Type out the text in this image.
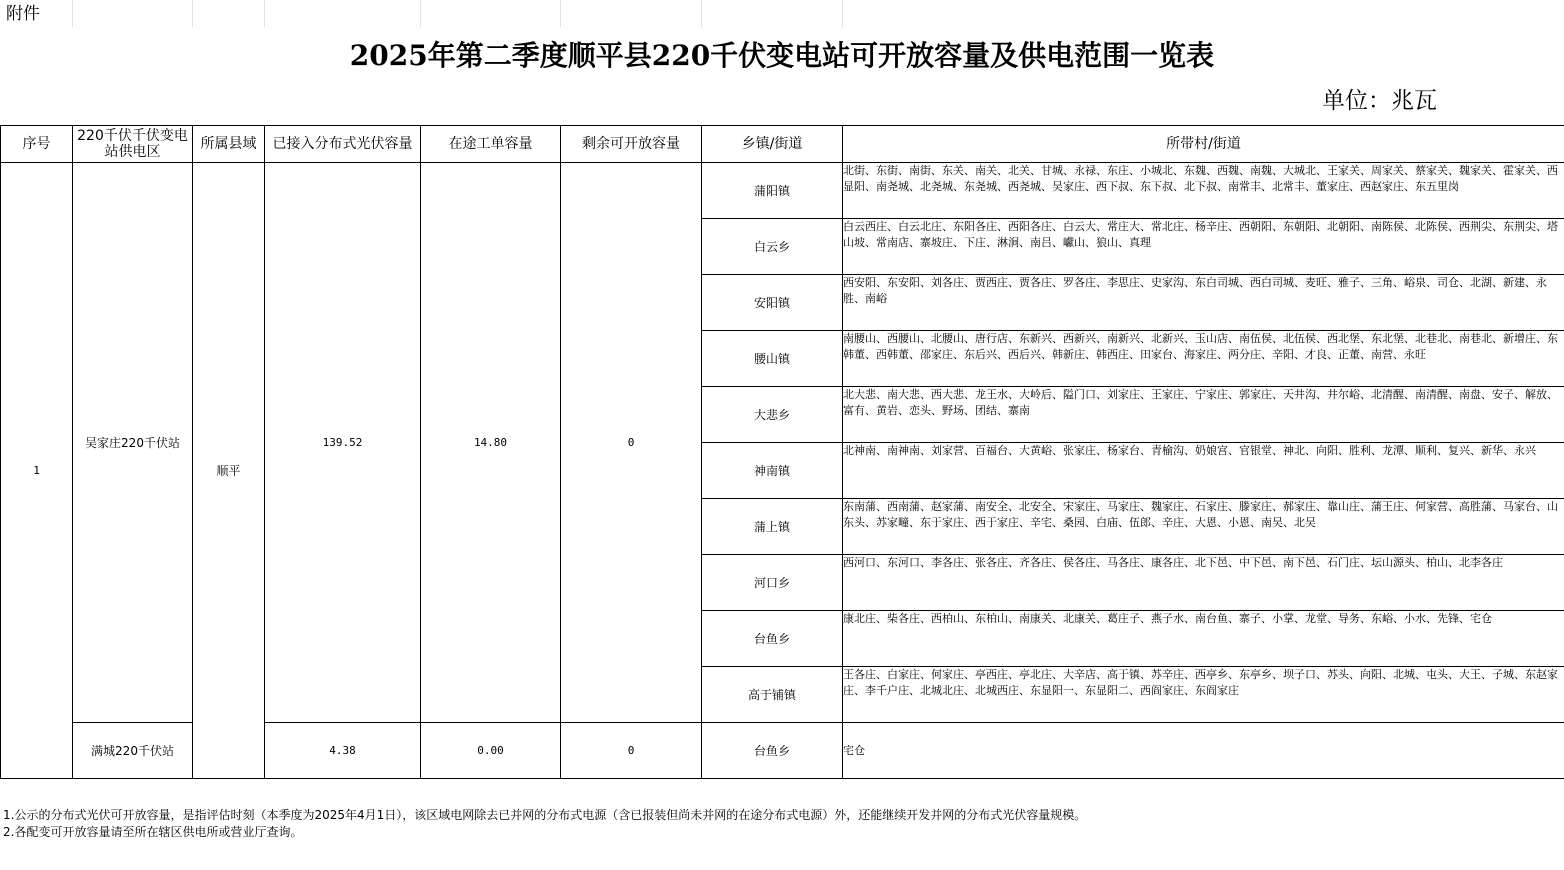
附件
2025年第二季度顺平县220千伏变电站可开放容量及供电范围一览表
单位：兆瓦
序号	220千伏千伏变电站供电区	所属县域	已接入分布式光伏容量	在途工单容量	剩余可开放容量	乡镇/街道	所带村/街道
1	吴家庄220千伏站	顺平	139.52	14.80	0	蒲阳镇	北街、东街、南街、东关、南关、北关、甘城、永禄、东庄、小城北、东魏、西魏、南魏、大城北、王家关、周家关、蔡家关、魏家关、霍家关、西显阳、南尧城、北尧城、东尧城、西尧城、吴家庄、西下叔、东下叔、北下叔、南常丰、北常丰、董家庄、西赵家庄、东五里岗
						白云乡	白云西庄、白云北庄、东阳各庄、西阳各庄、白云大、常庄大、常北庄、杨辛庄、西朝阳、东朝阳、北朝阳、南陈侯、北陈侯、西荆尖、东荆尖、塔山坡、常南店、寨坡庄、下庄、淋涧、南吕、巘山、狼山、真理
						安阳镇	西安阳、东安阳、刘各庄、贾西庄、贾各庄、罗各庄、李思庄、史家沟、东白司城、西白司城、麦旺、雅子、三角、峪泉、司仓、北湖、新建、永胜、南峪
						腰山镇	南腰山、西腰山、北腰山、唐行店、东新兴、西新兴、南新兴、北新兴、玉山店、南伍侯、北伍侯、西北堡、东北堡、北巷北、南巷北、新增庄、东韩董、西韩董、邵家庄、东后兴、西后兴、韩新庄、韩西庄、田家台、海家庄、两分庄、辛阳、才良、正董、南营、永旺
						大悲乡	北大悲、南大悲、西大悲、龙王水、大岭后、隘门口、刘家庄、王家庄、宁家庄、郭家庄、天井沟、井尔峪、北清醒、南清醒、南盘、安子、解放、富有、黄岩、恋头、野场、团结、寨南
						神南镇	北神南、南神南、刘家营、百福台、大黄峪、张家庄、杨家台、青榆沟、奶娘宫、官银堂、神北、向阳、胜利、龙潭、顺利、复兴、新华、永兴
						蒲上镇	东南蒲、西南蒲、赵家蒲、南安全、北安全、宋家庄、马家庄、魏家庄、石家庄、滕家庄、郝家庄、靠山庄、蒲王庄、何家营、高胜蒲、马家台、山东头、苏家疃、东于家庄、西于家庄、辛宅、桑园、白庙、伍郎、辛庄、大恩、小恩、南吴、北吴
						河口乡	西河口、东河口、李各庄、张各庄、齐各庄、侯各庄、马各庄、康各庄、北下邑、中下邑、南下邑、石门庄、坛山源头、柏山、北李各庄
						台鱼乡	康北庄、柴各庄、西柏山、东柏山、南康关、北康关、葛庄子、燕子水、南台鱼、寨子、小掌、龙堂、导务、东峪、小水、先锋、宅仓
						高于铺镇	王各庄、白家庄、何家庄、亭西庄、亭北庄、大辛店、高于镇、苏辛庄、西亭乡、东亭乡、坝子口、苏头、向阳、北城、屯头、大王、子城、东赵家庄、李千户庄、北城北庄、北城西庄、东显阳一、东显阳二、西阎家庄、东阎家庄
	满城220千伏站		4.38	0.00	0	台鱼乡	宅仓
1.公示的分布式光伏可开放容量，是指评估时刻（本季度为2025年4月1日），该区域电网除去已并网的分布式电源（含已报装但尚未并网的在途分布式电源）外，还能继续开发并网的分布式光伏容量规模。
2.各配变可开放容量请至所在辖区供电所或营业厅查询。
